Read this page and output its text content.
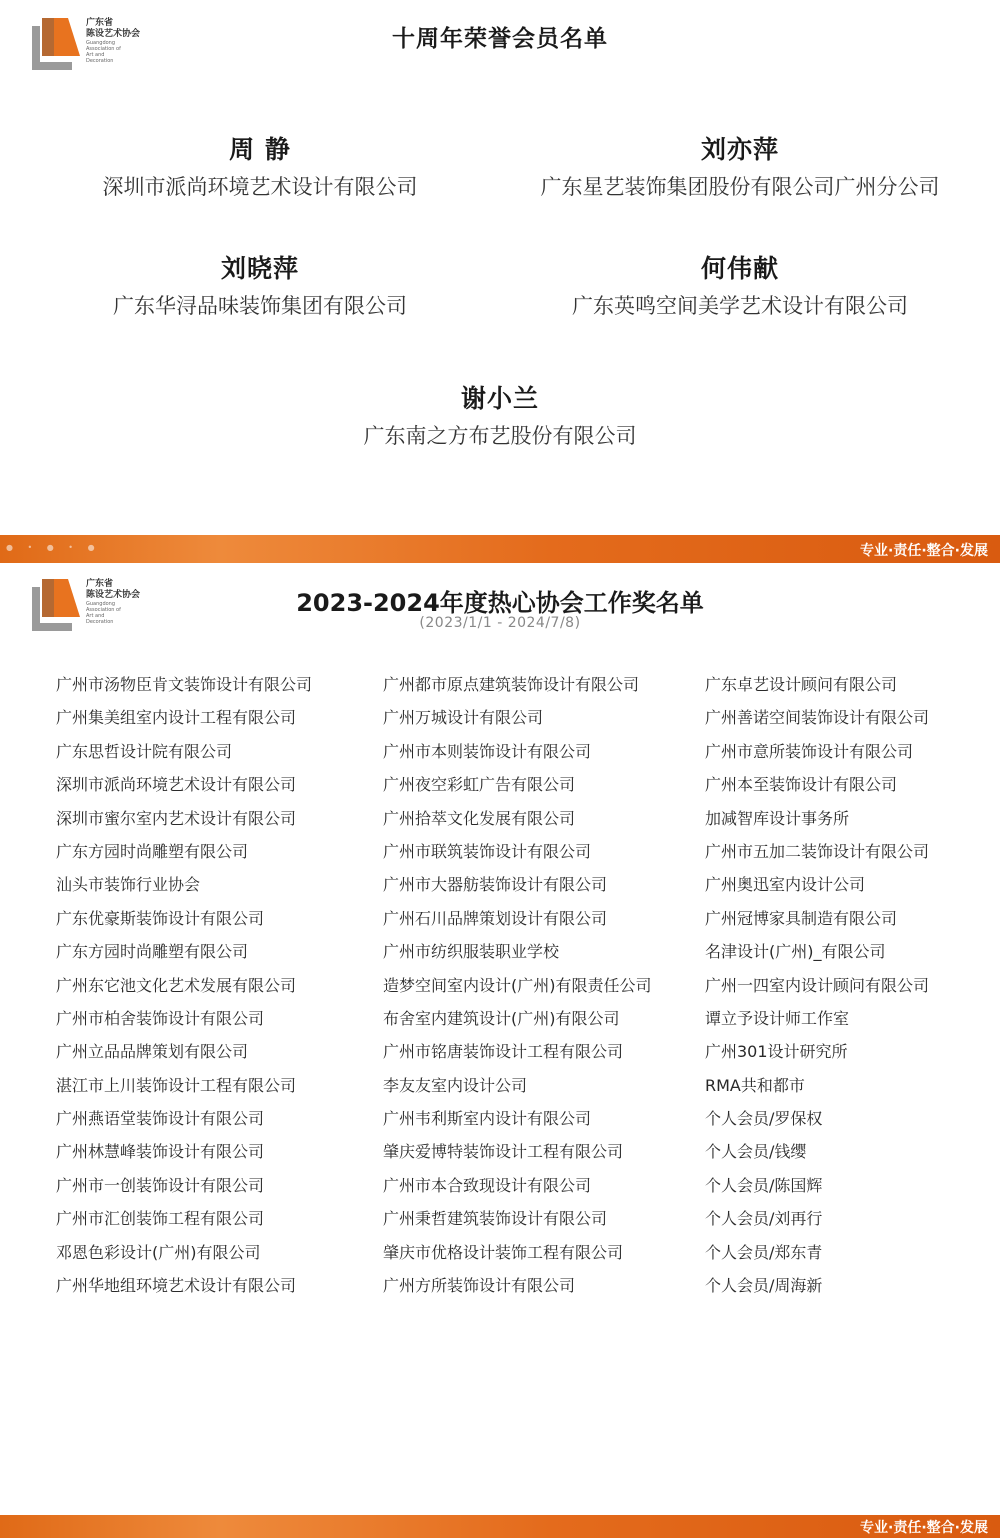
广东省
陈设艺术协会
Guangdong
Association of
Art and
Decoration
十周年荣誉会员名单
周 静
深圳市派尚环境艺术设计有限公司
刘亦萍
广东星艺装饰集团股份有限公司广州分公司
刘晓萍
广东华浔品味装饰集团有限公司
何伟献
广东英鸣空间美学艺术设计有限公司
谢小兰
广东南之方布艺股份有限公司
● • ● • ●	专业·责任·整合·发展
广东省
陈设艺术协会
Guangdong
Association of
Art and
Decoration
2023-2024年度热心协会工作奖名单
(2023/1/1 - 2024/7/8)
广州市汤物臣肯文装饰设计有限公司
广州集美组室内设计工程有限公司
广东思哲设计院有限公司
深圳市派尚环境艺术设计有限公司
深圳市蜜尔室内艺术设计有限公司
广东方园时尚雕塑有限公司
汕头市装饰行业协会
广东优豪斯装饰设计有限公司
广东方园时尚雕塑有限公司
广州东它池文化艺术发展有限公司
广州市柏舍装饰设计有限公司
广州立品品牌策划有限公司
湛江市上川装饰设计工程有限公司
广州燕语堂装饰设计有限公司
广州林慧峰装饰设计有限公司
广州市一创装饰设计有限公司
广州市汇创装饰工程有限公司
邓恩色彩设计(广州)有限公司
广州华地组环境艺术设计有限公司
广州都市原点建筑装饰设计有限公司
广州万城设计有限公司
广州市本则装饰设计有限公司
广州夜空彩虹广告有限公司
广州拾萃文化发展有限公司
广州市联筑装饰设计有限公司
广州市大器舫装饰设计有限公司
广州石川品牌策划设计有限公司
广州市纺织服装职业学校
造梦空间室内设计(广州)有限责任公司
布舍室内建筑设计(广州)有限公司
广州市铭唐装饰设计工程有限公司
李友友室内设计公司
广州韦利斯室内设计有限公司
肇庆爱博特装饰设计工程有限公司
广州市本合致现设计有限公司
广州秉哲建筑装饰设计有限公司
肇庆市优格设计装饰工程有限公司
广州方所装饰设计有限公司
广东卓艺设计顾问有限公司
广州善诺空间装饰设计有限公司
广州市意所装饰设计有限公司
广州本至装饰设计有限公司
加减智库设计事务所
广州市五加二装饰设计有限公司
广州奥迅室内设计公司
广州冠博家具制造有限公司
名津设计(广州)_有限公司
广州一四室内设计顾问有限公司
谭立予设计师工作室
广州301设计研究所
RMA共和都市
个人会员/罗保权
个人会员/钱缨
个人会员/陈国辉
个人会员/刘再行
个人会员/郑东青
个人会员/周海新
专业·责任·整合·发展
